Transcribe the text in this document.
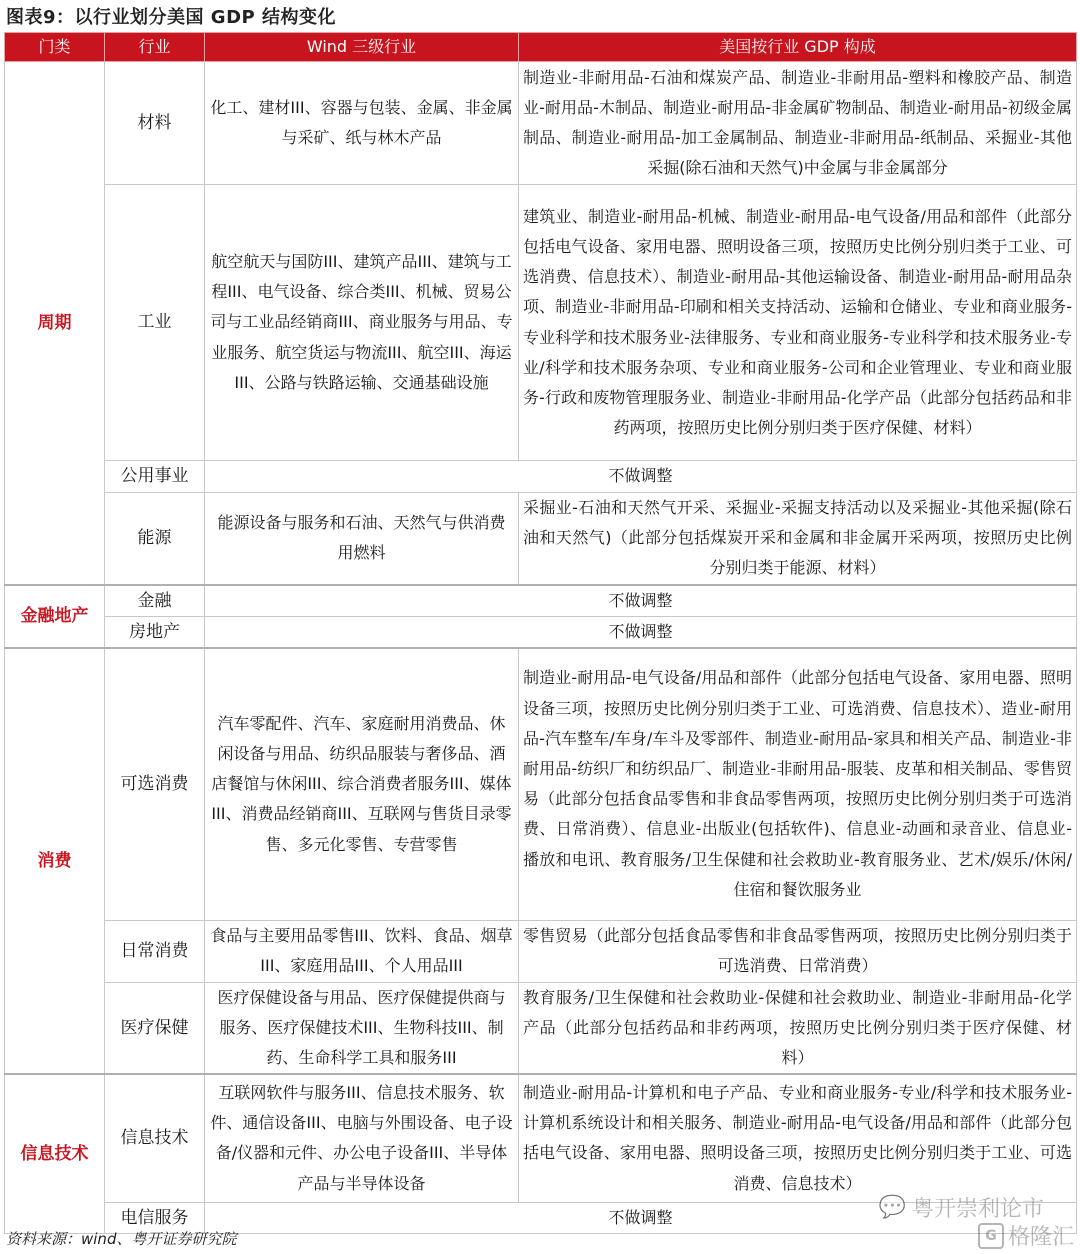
图表9：以行业划分美国 GDP 结构变化
门类	行业	Wind 三级行业	美国按行业 GDP 构成
周期	材料	化工、建材III、容器与包装、金属、非金属与采矿、纸与林木产品	制造业-非耐用品-石油和煤炭产品、制造业-非耐用品-塑料和橡胶产品、制造业-耐用品-木制品、制造业-耐用品-非金属矿物制品、制造业-耐用品-初级金属制品、制造业-耐用品-加工金属制品、制造业-非耐用品-纸制品、采掘业-其他采掘(除石油和天然气)中金属与非金属部分
	工业	航空航天与国防III、建筑产品III、建筑与工程III、电气设备、综合类III、机械、贸易公司与工业品经销商III、商业服务与用品、专业服务、航空货运与物流III、航空III、海运III、公路与铁路运输、交通基础设施	建筑业、制造业-耐用品-机械、制造业-耐用品-电气设备/用品和部件（此部分包括电气设备、家用电器、照明设备三项，按照历史比例分别归类于工业、可选消费、信息技术）、制造业-耐用品-其他运输设备、制造业-耐用品-耐用品杂项、制造业-非耐用品-印刷和相关支持活动、运输和仓储业、专业和商业服务-专业科学和技术服务业-法律服务、专业和商业服务-专业科学和技术服务业-专业/科学和技术服务杂项、专业和商业服务-公司和企业管理业、专业和商业服务-行政和废物管理服务业、制造业-非耐用品-化学产品（此部分包括药品和非药两项，按照历史比例分别归类于医疗保健、材料）
	公用事业	不做调整	
	能源	能源设备与服务和石油、天然气与供消费用燃料	采掘业-石油和天然气开采、采掘业-采掘支持活动以及采掘业-其他采掘(除石油和天然气)（此部分包括煤炭开采和金属和非金属开采两项，按照历史比例分别归类于能源、材料）
金融地产	金融	不做调整	
	房地产	不做调整	
消费	可选消费	汽车零配件、汽车、家庭耐用消费品、休闲设备与用品、纺织品服装与奢侈品、酒店餐馆与休闲III、综合消费者服务III、媒体III、消费品经销商III、互联网与售货目录零售、多元化零售、专营零售	制造业-耐用品-电气设备/用品和部件（此部分包括电气设备、家用电器、照明设备三项，按照历史比例分别归类于工业、可选消费、信息技术）、造业-耐用品-汽车整车/车身/车斗及零部件、制造业-耐用品-家具和相关产品、制造业-非耐用品-纺织厂和纺织品厂、制造业-非耐用品-服装、皮革和相关制品、零售贸易（此部分包括食品零售和非食品零售两项，按照历史比例分别归类于可选消费、日常消费）、信息业-出版业(包括软件)、信息业-动画和录音业、信息业-播放和电讯、教育服务/卫生保健和社会救助业-教育服务业、艺术/娱乐/休闲/住宿和餐饮服务业
	日常消费	食品与主要用品零售III、饮料、食品、烟草III、家庭用品III、个人用品III	零售贸易（此部分包括食品零售和非食品零售两项，按照历史比例分别归类于可选消费、日常消费）
	医疗保健	医疗保健设备与用品、医疗保健提供商与服务、医疗保健技术III、生物科技III、制药、生命科学工具和服务III	教育服务/卫生保健和社会救助业-保健和社会救助业、制造业-非耐用品-化学产品（此部分包括药品和非药两项，按照历史比例分别归类于医疗保健、材料）
信息技术	信息技术	互联网软件与服务III、信息技术服务、软件、通信设备III、电脑与外围设备、电子设备/仪器和元件、办公电子设备III、半导体产品与半导体设备	制造业-耐用品-计算机和电子产品、专业和商业服务-专业/科学和技术服务业-计算机系统设计和相关服务、制造业-耐用品-电气设备/用品和部件（此部分包括电气设备、家用电器、照明设备三项，按照历史比例分别归类于工业、可选消费、信息技术）
	电信服务	不做调整	
资料来源：wind、粤开证券研究院
💬 粤开崇利论市
G 格隆汇
